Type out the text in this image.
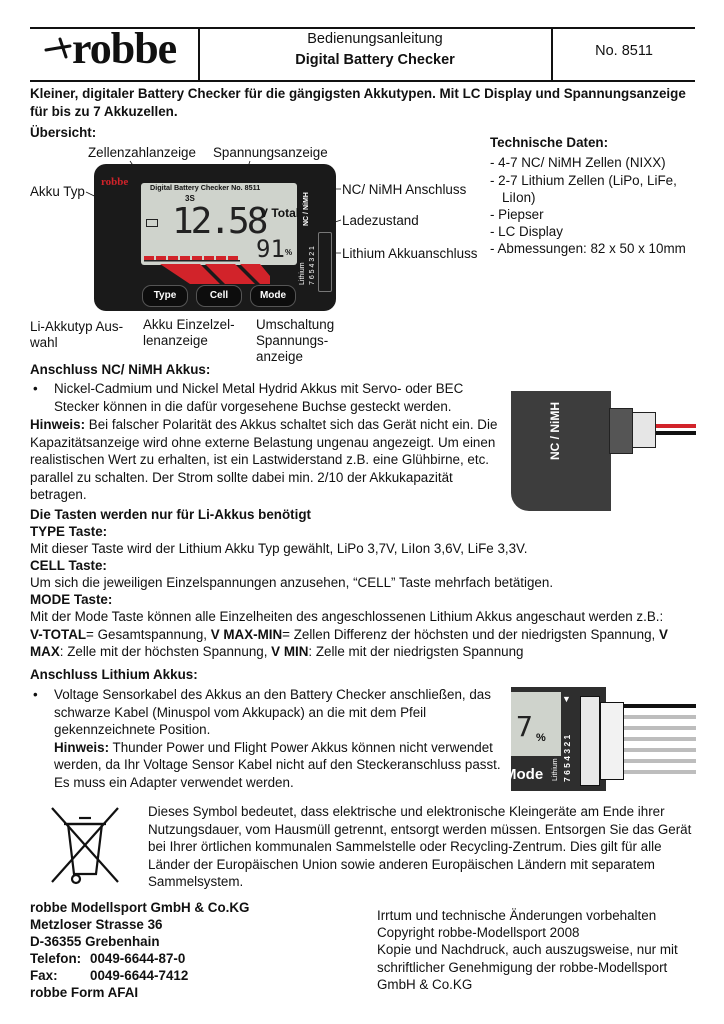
robbe	Bedienungsanleitung
Digital Battery Checker
No. 8511

Kleiner, digitaler Battery Checker für die gängigsten Akkutypen. Mit LC Display und Spannungsanzeige für bis zu 7 Akkuzellen.

Übersicht:
Zellenzahlanzeige Spannungsanzeige
Akku Typ	NC/ NiMH Anschluss
Ladezustand
Lithium Akkuanschluss
Li-Akkutyp Aus-wahl
Akku Einzelzel-lenanzeige
Umschaltung Spannungs-anzeige
robbe	Digital Battery Checker No. 8511
3S
12.58
V Total
91 %
NC / NiMH
Lithium 7 6 5 4 3 2 1
Type	Cell	Mode
Technische Daten:
- 4-7 NC/ NiMH Zellen (NIXX)
- 2-7 Lithium Zellen (LiPo, LiFe,
LiIon)
- Piepser
- LC Display
- Abmessungen: 82 x 50 x 10mm
Anschluss NC/ NiMH Akkus:
• Nickel-Cadmium und Nickel Metal Hydrid Akkus mit Servo- oder BEC Stecker können in die dafür vorgesehene Buchse gesteckt werden.

Hinweis: Bei falscher Polarität des Akkus schaltet sich das Gerät nicht ein. Die Kapazitätsanzeige wird ohne externe Belastung ungenau angezeigt. Um einen realistischen Wert zu erhalten, ist ein Lastwiderstand z.B. eine Glühbirne, etc. parallel zu schalten. Der Strom sollte dabei min. 2/10 der Akkukapazität betragen.

NC / NiMH
Die Tasten werden nur für Li-Akkus benötigt
TYPE Taste:
Mit dieser Taste wird der Lithium Akku Typ gewählt, LiPo 3,7V, LiIon 3,6V, LiFe 3,3V.
CELL Taste:
Um sich die jeweiligen Einzelspannungen anzusehen, “CELL” Taste mehrfach betätigen.
MODE Taste:

Mit der Mode Taste können alle Einzelheiten des angeschlossenen Lithium Akkus angeschaut werden z.B.:
V-TOTAL= Gesamtspannung, V MAX-MIN= Zellen Differenz der höchsten und der niedrigsten Spannung, V MAX: Zelle mit der höchsten Spannung, V MIN: Zelle mit der niedrigsten Spannung

Anschluss Lithium Akkus:
• Voltage Sensorkabel des Akkus an den Battery Checker anschließen, das schwarze Kabel (Minuspol vom Akkupack) an die mit dem Pfeil gekennzeichnete Position.
Hinweis: Thunder Power und Flight Power Akkus können nicht verwendet werden, da Ihr Voltage Sensor Kabel nicht auf den Steckeranschluss passt. Es muss ein Adapter verwendet werden.
7 %
Mode Lithium 7 6 5 4 3 2 1
▼

Dieses Symbol bedeutet, dass elektrische und elektronische Kleingeräte am Ende ihrer Nutzungsdauer, vom Hausmüll getrennt, entsorgt werden müssen. Entsorgen Sie das Gerät bei Ihrer örtlichen kommunalen Sammelstelle oder Recycling-Zentrum. Dies gilt für alle Länder der Europäischen Union sowie anderen Europäischen Ländern mit separatem Sammelsystem.

robbe Modellsport GmbH & Co.KG
Metzloser Strasse 36
D-36355 Grebenhain
Telefon: 0049-6644-87-0
Fax: 0049-6644-7412
robbe Form AFAI
Irrtum und technische Änderungen vorbehalten
Copyright robbe-Modellsport 2008
Kopie und Nachdruck, auch auszugsweise, nur mit schriftlicher Genehmigung der robbe-Modellsport GmbH & Co.KG
